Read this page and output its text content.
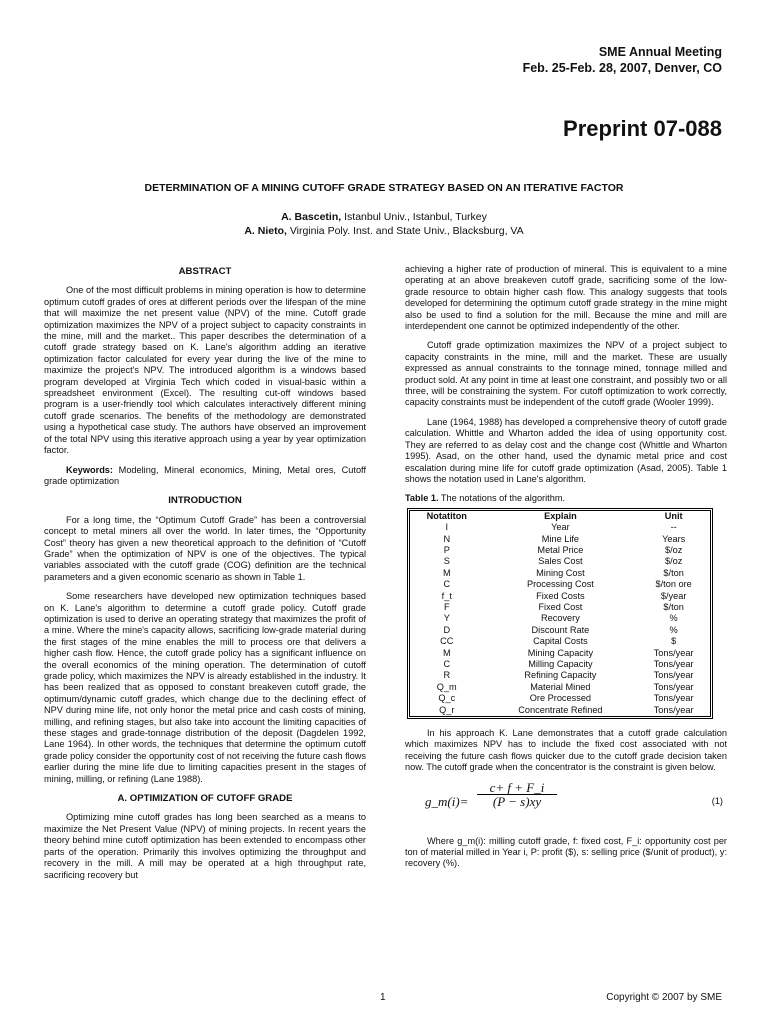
SME Annual Meeting
Feb. 25-Feb. 28, 2007, Denver, CO
Preprint 07-088
DETERMINATION OF A MINING CUTOFF GRADE STRATEGY BASED ON AN ITERATIVE FACTOR
A. Bascetin, Istanbul Univ., Istanbul, Turkey
A. Nieto, Virginia Poly. Inst. and State Univ., Blacksburg, VA
ABSTRACT

One of the most difficult problems in mining operation is how to determine optimum cutoff grades of ores at different periods over the lifespan of the mine that will maximize the net present value (NPV) of the mine. Cutoff grade optimization maximizes the NPV of a project subject to capacity constraints in the mine, mill and the market.. This paper describes the determination of a cutoff grade strategy based on K. Lane's algorithm adding an iterative optimization factor calculated for every year during the live of the mine to maximize the project's NPV. The introduced algorithm is a windows based program developed at Virginia Tech which coded in visual-basic within a spreadsheet environment (Excel). The resulting cut-off windows based program is a user-friendly tool which calculates interactively different mining cutoff grade scenarios. The benefits of the methodology are demonstrated using a hypothetical case study. The authors have observed an improvement of the total NPV using this iterative approach using a year by year optimization factor.

Keywords: Modeling, Mineral economics, Mining, Metal ores, Cutoff grade optimization

INTRODUCTION

For a long time, the “Optimum Cutoff Grade” has been a controversial concept to metal miners all over the world. In later times, the “Opportunity Cost” theory has given a new theoretical approach to the definition of “Cutoff Grade” when the optimization of NPV is one of the objectives. The typical variables associated with the cutoff grade (COG) definition are the technical parameters and a given economic scenario as shown in Table 1.

Some researchers have developed new optimization techniques based on K. Lane's algorithm to determine a cutoff grade policy. Cutoff grade optimization is used to derive an operating strategy that maximizes the profit of a mine. Where the mine's capacity allows, sacrificing low-grade material during the first stages of the mine enables the mill to process ore that delivers a higher cash flow. Hence, the cutoff grade policy has a significant influence on the overall economics of the mining operation. The determination of cutoff grade policy, which maximizes the NPV is already established in the industry. It has been realized that as opposed to constant breakeven cutoff grade, the optimum/dynamic cutoff grades, which change due to the declining effect of NPV during mine life, not only honor the metal price and cash costs of mining, milling, and refining stages, but also take into account the limiting capacities of these stages and grade-tonnage distribution of the deposit (Dagdelen 1992, Lane 1964). In other words, the techniques that determine the optimum cutoff grade policy consider the opportunity cost of not receiving the future cash flows earlier during the mine life due to limiting capacities present in the stages of mining, milling, or refining (Lane 1988).

A. OPTIMIZATION OF CUTOFF GRADE

Optimizing mine cutoff grades has long been searched as a means to maximize the Net Present Value (NPV) of mining projects. In recent years the theory behind mine cutoff optimization has been extended to encompass other parts of the operation. Primarily this involves optimizing the throughput and recovery in the mill. A mill may be operated at a high throughput rate, sacrificing recovery but

achieving a higher rate of production of mineral. This is equivalent to a mine operating at an above breakeven cutoff grade, sacrificing some of the low-grade resource to obtain higher cash flow. This analogy suggests that tools developed for determining the optimum cutoff grade strategy in the mine might also be used to find a solution for the mill. Because the mine and mill are interdependent one cannot be optimized independently of the other.

Cutoff grade optimization maximizes the NPV of a project subject to capacity constraints in the mine, mill and the market. These are usually expressed as annual constraints to the tonnage mined, tonnage milled and product sold. At any point in time at least one constraint, and possibly two or all three, will be constraining the system. For cutoff optimization to work correctly, capacity constraints must be independent of the cutoff grade (Wooler 1999).

Lane (1964, 1988) has developed a comprehensive theory of cutoff grade calculation. Whittle and Wharton added the idea of using opportunity cost. They are referred to as delay cost and the change cost (Whittle and Wharton 1995). Asad, on the other hand, used the dynamic metal price and cost escalation during mine life for cutoff grade optimization (Asad, 2005). Table 1 shows the notation used in Lane's algorithm.

Table 1. The notations of the algorithm.
Notatiton	Explain	Unit
I	Year	--
N	Mine Life	Years
P	Metal Price	$/oz
S	Sales Cost	$/oz
M	Mining Cost	$/ton
C	Processing Cost	$/ton ore
f_t	Fixed Costs	$/year
F	Fixed Cost	$/ton
Y	Recovery	%
D	Discount Rate	%
CC	Capital Costs	$
M	Mining Capacity	Tons/year
C	Milling Capacity	Tons/year
R	Refining Capacity	Tons/year
Q_m	Material Mined	Tons/year
Q_c	Ore Processed	Tons/year
Q_r	Concentrate Refined	Tons/year

In his approach K. Lane demonstrates that a cutoff grade calculation which maximizes NPV has to include the fixed cost associated with not receiving the future cash flows quicker due to the cutoff grade decision taken now. The cutoff grade when the concentrator is the constraint is given below.

g_m(i)= $\frac{c+ f + F\_i}{(P - s)xy}$	(1)

Where g_m(i): milling cutoff grade, f: fixed cost, F_i: opportunity cost per ton of material milled in Year i, P: profit ($), s: selling price ($/unit of product), y: recovery (%).

1	Copyright © 2007 by SME
